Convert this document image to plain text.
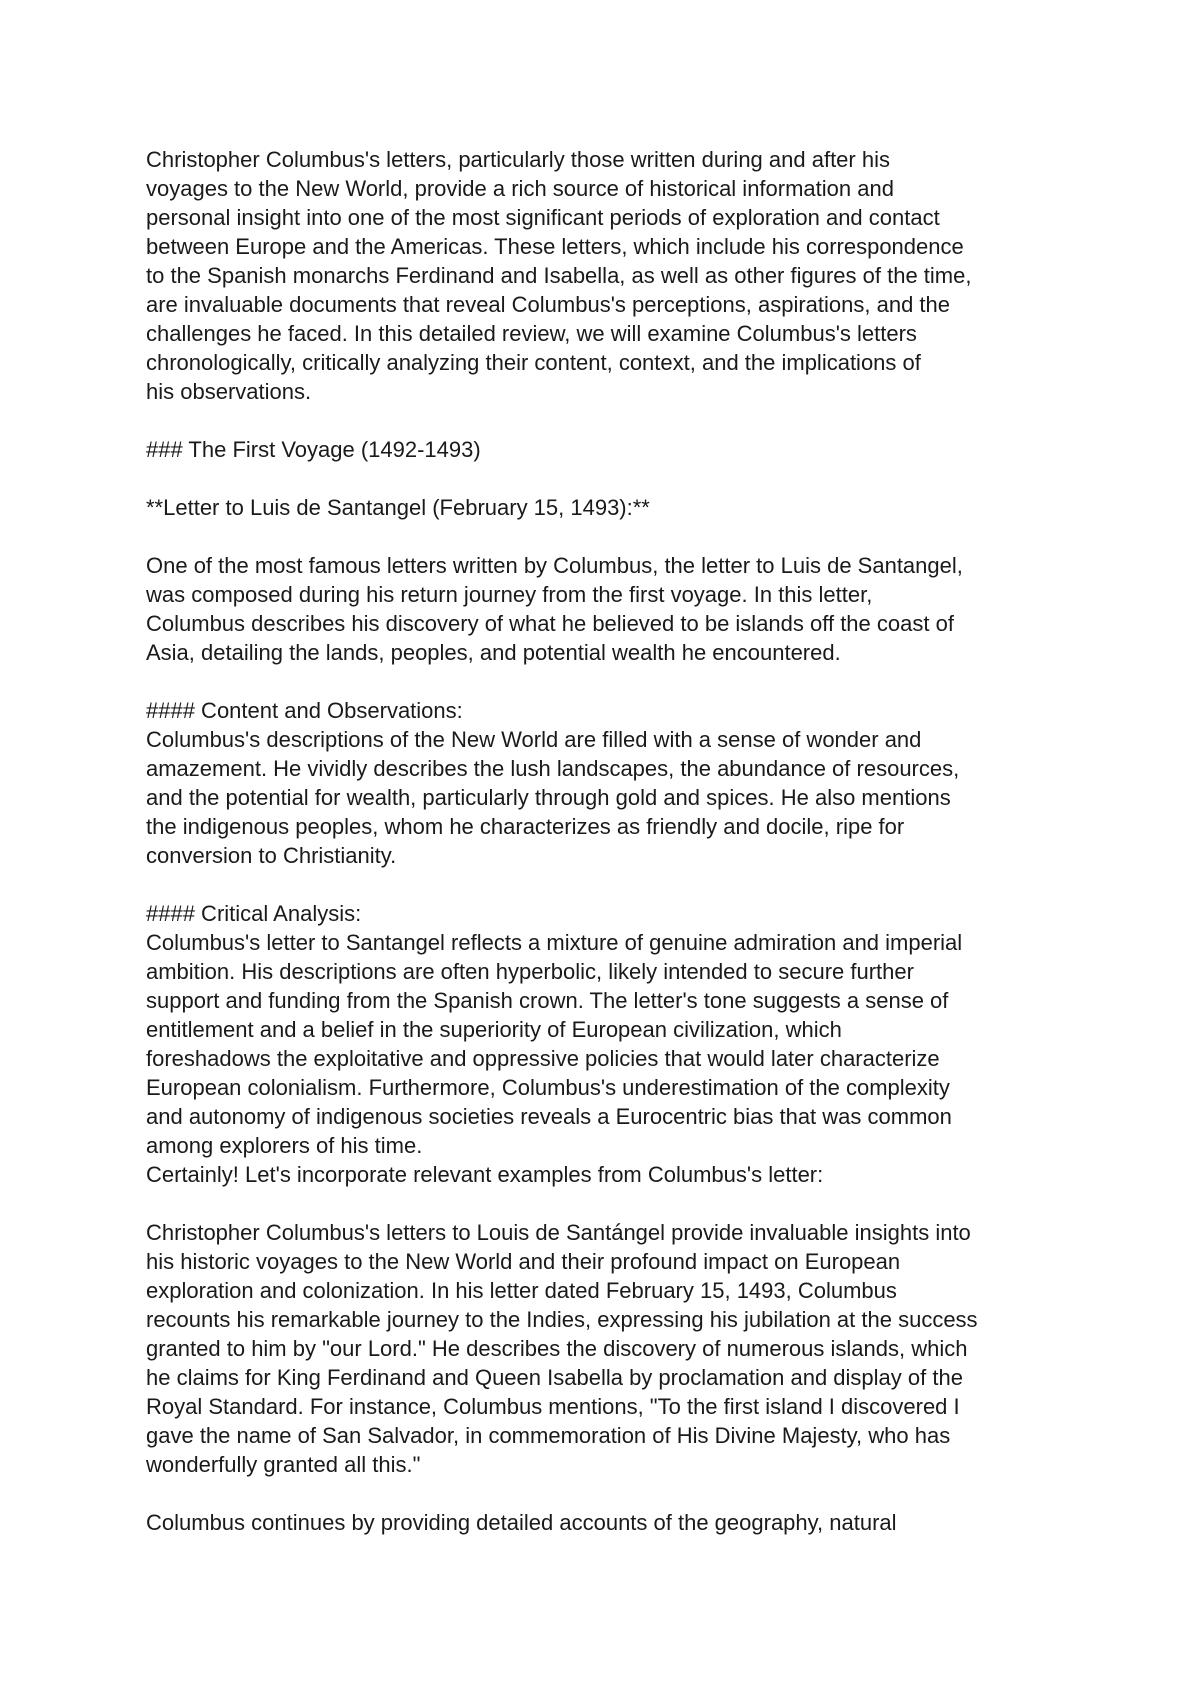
Christopher Columbus's letters, particularly those written during and after his
voyages to the New World, provide a rich source of historical information and
personal insight into one of the most significant periods of exploration and contact
between Europe and the Americas. These letters, which include his correspondence
to the Spanish monarchs Ferdinand and Isabella, as well as other figures of the time,
are invaluable documents that reveal Columbus's perceptions, aspirations, and the
challenges he faced. In this detailed review, we will examine Columbus's letters
chronologically, critically analyzing their content, context, and the implications of
his observations.
### The First Voyage (1492-1493)
**Letter to Luis de Santangel (February 15, 1493):**
One of the most famous letters written by Columbus, the letter to Luis de Santangel,
was composed during his return journey from the first voyage. In this letter,
Columbus describes his discovery of what he believed to be islands off the coast of
Asia, detailing the lands, peoples, and potential wealth he encountered.
#### Content and Observations:
Columbus's descriptions of the New World are filled with a sense of wonder and
amazement. He vividly describes the lush landscapes, the abundance of resources,
and the potential for wealth, particularly through gold and spices. He also mentions
the indigenous peoples, whom he characterizes as friendly and docile, ripe for
conversion to Christianity.
#### Critical Analysis:
Columbus's letter to Santangel reflects a mixture of genuine admiration and imperial
ambition. His descriptions are often hyperbolic, likely intended to secure further
support and funding from the Spanish crown. The letter's tone suggests a sense of
entitlement and a belief in the superiority of European civilization, which
foreshadows the exploitative and oppressive policies that would later characterize
European colonialism. Furthermore, Columbus's underestimation of the complexity
and autonomy of indigenous societies reveals a Eurocentric bias that was common
among explorers of his time.
Certainly! Let's incorporate relevant examples from Columbus's letter:
Christopher Columbus's letters to Louis de Santángel provide invaluable insights into
his historic voyages to the New World and their profound impact on European
exploration and colonization. In his letter dated February 15, 1493, Columbus
recounts his remarkable journey to the Indies, expressing his jubilation at the success
granted to him by "our Lord." He describes the discovery of numerous islands, which
he claims for King Ferdinand and Queen Isabella by proclamation and display of the
Royal Standard. For instance, Columbus mentions, "To the first island I discovered I
gave the name of San Salvador, in commemoration of His Divine Majesty, who has
wonderfully granted all this."
Columbus continues by providing detailed accounts of the geography, natural
